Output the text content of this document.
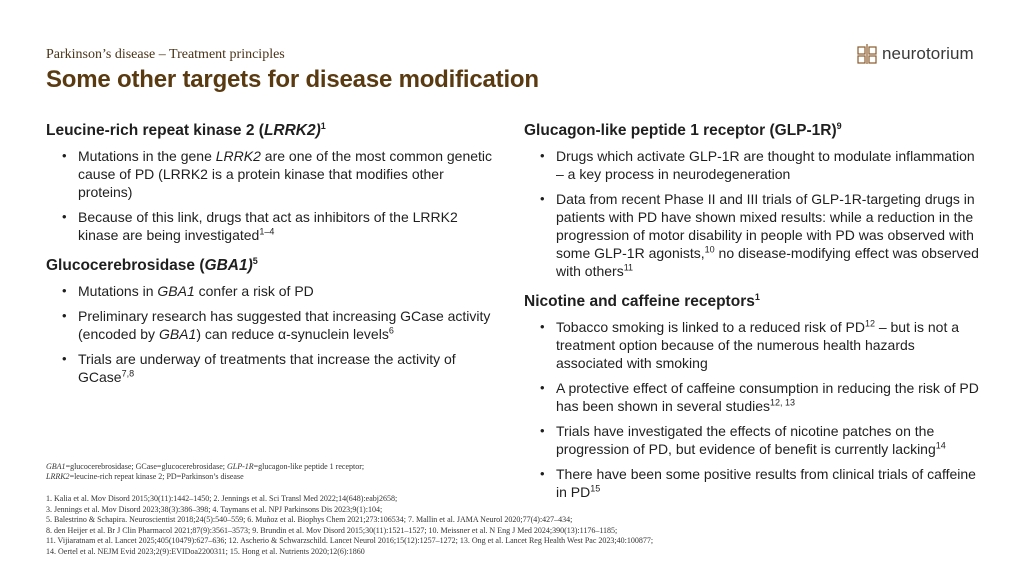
Parkinson’s disease – Treatment principles
Some other targets for disease modification
neurotorium
Leucine-rich repeat kinase 2 (LRRK2)$^1$
• Mutations in the gene LRRK2 are one of the most common genetic cause of PD (LRRK2 is a protein kinase that modifies other proteins)
• Because of this link, drugs that act as inhibitors of the LRRK2 kinase are being investigated$^{1-4}$
Glucocerebrosidase $(GBA1)^5$
• Mutations in GBA1 confer a risk of PD
• Preliminary research has suggested that increasing GCase activity (encoded by GBA1) can reduce α-synuclein levels$^6$
• Trials are underway of treatments that increase the activity of GCase$^{7,8}$
Glucagon-like peptide 1 receptor $(GLP-1R)^9$
• Drugs which activate GLP-1R are thought to modulate inflammation – a key process in neurodegeneration
• Data from recent Phase II and III trials of GLP-1R-targeting drugs in patients with PD have shown mixed results: while a reduction in the progression of motor disability in people with PD was observed with some GLP-1R agonists,$^{10}$ no disease-modifying effect was observed with others$^{11}$
Nicotine and caffeine receptors$^1$
• Tobacco smoking is linked to a reduced risk of PD$^{12}$ – but is not a treatment option because of the numerous health hazards associated with smoking
• A protective effect of caffeine consumption in reducing the risk of PD has been shown in several studies$^{12, 13}$
• Trials have investigated the effects of nicotine patches on the progression of PD, but evidence of benefit is currently lacking$^{14}$
• There have been some positive results from clinical trials of caffeine in PD$^{15}$
GBA1=glucocerebrosidase; GCase=glucocerebrosidase; GLP-1R=glucagon-like peptide 1 receptor;
LRRK2=leucine-rich repeat kinase 2; PD=Parkinson’s disease
1. Kalia et al. Mov Disord 2015;30(11):1442–1450; 2. Jennings et al. Sci Transl Med 2022;14(648):eabj2658;
3. Jennings et al. Mov Disord 2023;38(3):386–398; 4. Taymans et al. NPJ Parkinsons Dis 2023;9(1):104;
5. Balestrino & Schapira. Neuroscientist 2018;24(5):540–559; 6. Muñoz et al. Biophys Chem 2021;273:106534; 7. Mallin et al. JAMA Neurol 2020;77(4):427–434;
8. den Heijer et al. Br J Clin Pharmacol 2021;87(9):3561–3573; 9. Brundin et al. Mov Disord 2015;30(11):1521–1527; 10. Meissner et al. N Eng J Med 2024;390(13):1176–1185;
11. Vijiaratnam et al. Lancet 2025;405(10479):627–636; 12. Ascherio & Schwarzschild. Lancet Neurol 2016;15(12):1257–1272; 13. Ong et al. Lancet Reg Health West Pac 2023;40:100877;
14. Oertel et al. NEJM Evid 2023;2(9):EVIDoa2200311; 15. Hong et al. Nutrients 2020;12(6):1860
